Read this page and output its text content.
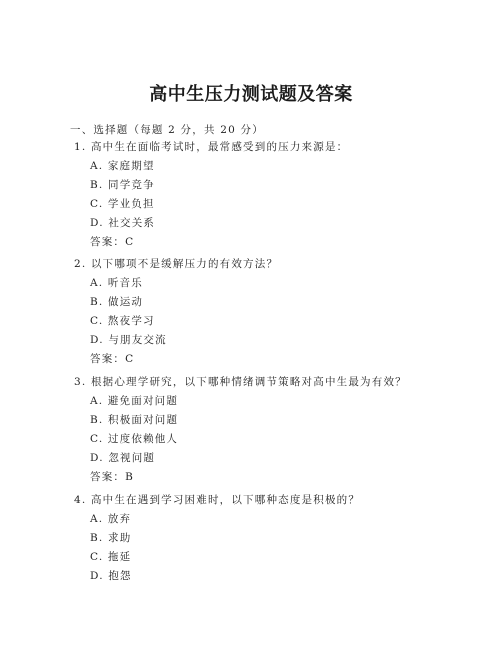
高中生压力测试题及答案
一、选择题（每题 2 分，共 20 分）
1. 高中生在面临考试时，最常感受到的压力来源是：
A. 家庭期望
B. 同学竞争
C. 学业负担
D. 社交关系
答案：C
2. 以下哪项不是缓解压力的有效方法？
A. 听音乐
B. 做运动
C. 熬夜学习
D. 与朋友交流
答案：C
3. 根据心理学研究，以下哪种情绪调节策略对高中生最为有效？
A. 避免面对问题
B. 积极面对问题
C. 过度依赖他人
D. 忽视问题
答案：B
4. 高中生在遇到学习困难时，以下哪种态度是积极的？
A. 放弃
B. 求助
C. 拖延
D. 抱怨
